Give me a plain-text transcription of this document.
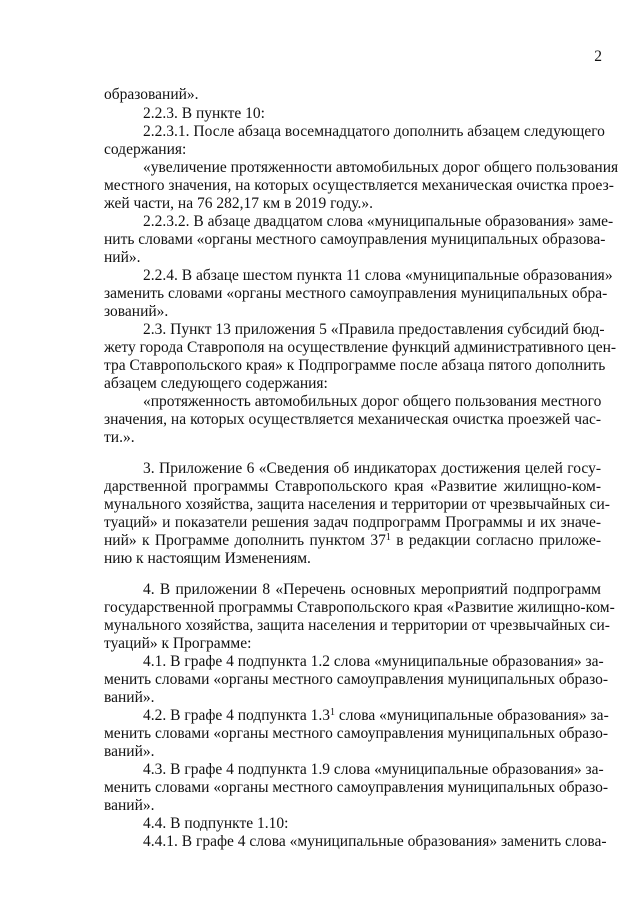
2
образований».
2.2.3. В пункте 10:
2.2.3.1. После абзаца восемнадцатого дополнить абзацем следующего
содержания:
«увеличение протяженности автомобильных дорог общего пользования
местного значения, на которых осуществляется механическая очистка проез-
жей части, на 76 282,17 км в 2019 году.».
2.2.3.2. В абзаце двадцатом слова «муниципальные образования» заме-
нить словами «органы местного самоуправления муниципальных образова-
ний».
2.2.4. В абзаце шестом пункта 11 слова «муниципальные образования»
заменить словами «органы местного самоуправления муниципальных обра-
зований».
2.3. Пункт 13 приложения 5 «Правила предоставления субсидий бюд-
жету города Ставрополя на осуществление функций административного цен-
тра Ставропольского края» к Подпрограмме после абзаца пятого дополнить
абзацем следующего содержания:
«протяженность автомобильных дорог общего пользования местного
значения, на которых осуществляется механическая очистка проезжей час-
ти.».
3. Приложение 6 «Сведения об индикаторах достижения целей госу-
дарственной программы Ставропольского края «Развитие жилищно-ком-
мунального хозяйства, защита населения и территории от чрезвычайных си-
туаций» и показатели решения задач подпрограмм Программы и их значе-
ний» к Программе дополнить пунктом $37^1$ в редакции согласно приложе-
нию к настоящим Изменениям.
4. В приложении 8 «Перечень основных мероприятий подпрограмм
государственной программы Ставропольского края «Развитие жилищно-ком-
мунального хозяйства, защита населения и территории от чрезвычайных си-
туаций» к Программе:
4.1. В графе 4 подпункта 1.2 слова «муниципальные образования» за-
менить словами «органы местного самоуправления муниципальных образо-
ваний».
4.2. В графе 4 подпункта $1.3^1$ слова «муниципальные образования» за-
менить словами «органы местного самоуправления муниципальных образо-
ваний».
4.3. В графе 4 подпункта 1.9 слова «муниципальные образования» за-
менить словами «органы местного самоуправления муниципальных образо-
ваний».
4.4. В подпункте 1.10:
4.4.1. В графе 4 слова «муниципальные образования» заменить слова-
